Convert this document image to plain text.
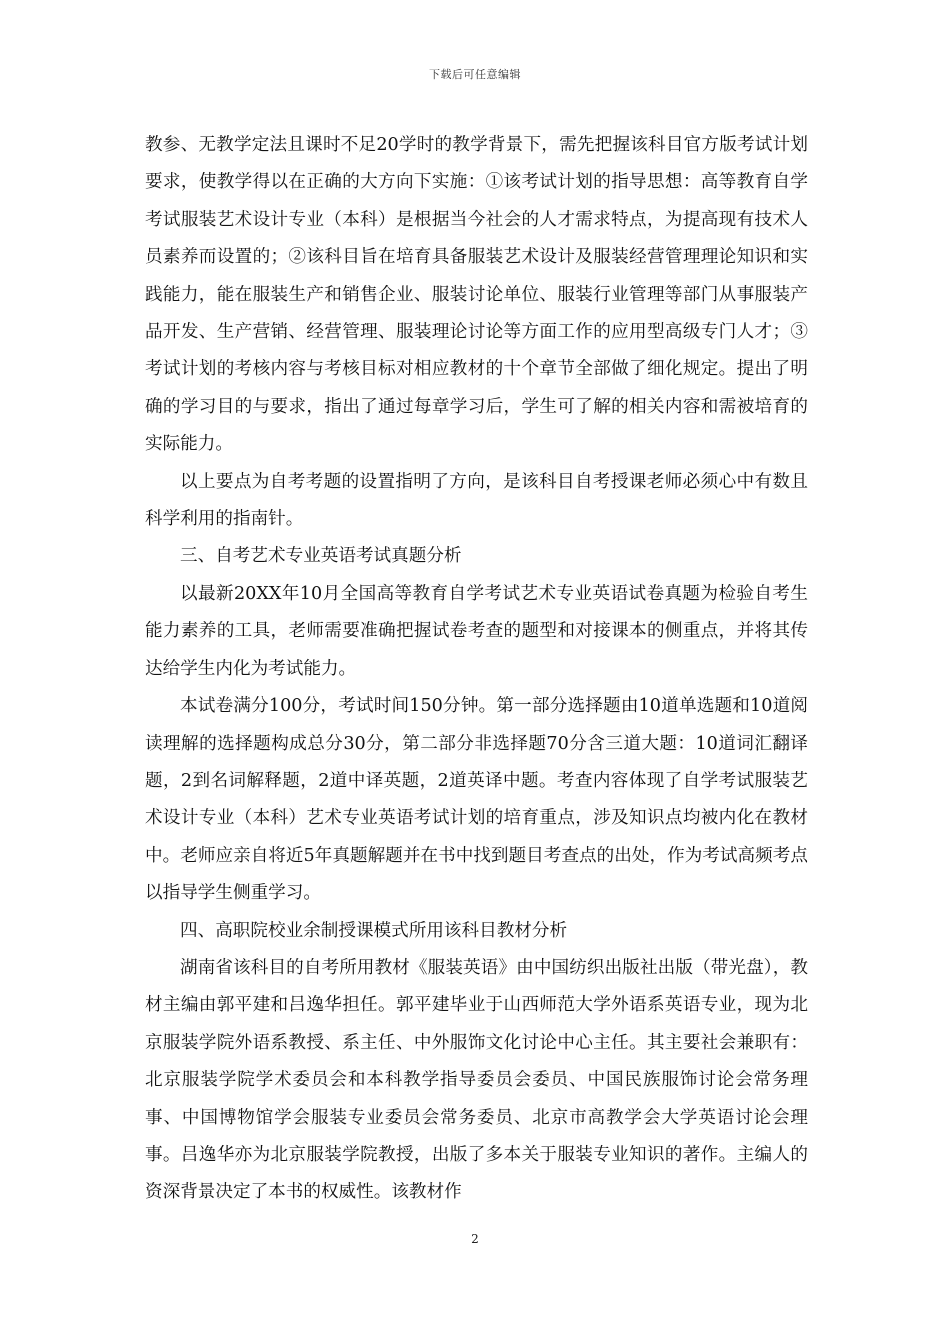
下载后可任意编辑

教参、无教学定法且课时不足20学时的教学背景下，需先把握该科目官方版考试计划要求，使教学得以在正确的大方向下实施：①该考试计划的指导思想：高等教育自学考试服装艺术设计专业（本科）是根据当今社会的人才需求特点，为提高现有技术人员素养而设置的；②该科目旨在培育具备服装艺术设计及服装经营管理理论知识和实践能力，能在服装生产和销售企业、服装讨论单位、服装行业管理等部门从事服装产品开发、生产营销、经营管理、服装理论讨论等方面工作的应用型高级专门人才；③考试计划的考核内容与考核目标对相应教材的十个章节全部做了细化规定。提出了明确的学习目的与要求，指出了通过每章学习后，学生可了解的相关内容和需被培育的实际能力。

以上要点为自考考题的设置指明了方向，是该科目自考授课老师必须心中有数且科学利用的指南针。

三、自考艺术专业英语考试真题分析

以最新20XX年10月全国高等教育自学考试艺术专业英语试卷真题为检验自考生能力素养的工具，老师需要准确把握试卷考查的题型和对接课本的侧重点，并将其传达给学生内化为考试能力。

本试卷满分100分，考试时间150分钟。第一部分选择题由10道单选题和10道阅读理解的选择题构成总分30分，第二部分非选择题70分含三道大题：10道词汇翻译题，2到名词解释题，2道中译英题，2道英译中题。考查内容体现了自学考试服装艺术设计专业（本科）艺术专业英语考试计划的培育重点，涉及知识点均被内化在教材中。老师应亲自将近5年真题解题并在书中找到题目考查点的出处，作为考试高频考点以指导学生侧重学习。

四、高职院校业余制授课模式所用该科目教材分析

湖南省该科目的自考所用教材《服装英语》由中国纺织出版社出版（带光盘），教材主编由郭平建和吕逸华担任。郭平建毕业于山西师范大学外语系英语专业，现为北京服装学院外语系教授、系主任、中外服饰文化讨论中心主任。其主要社会兼职有：北京服装学院学术委员会和本科教学指导委员会委员、中国民族服饰讨论会常务理事、中国博物馆学会服装专业委员会常务委员、北京市高教学会大学英语讨论会理事。吕逸华亦为北京服装学院教授，出版了多本关于服装专业知识的著作。主编人的资深背景决定了本书的权威性。该教材作

2
